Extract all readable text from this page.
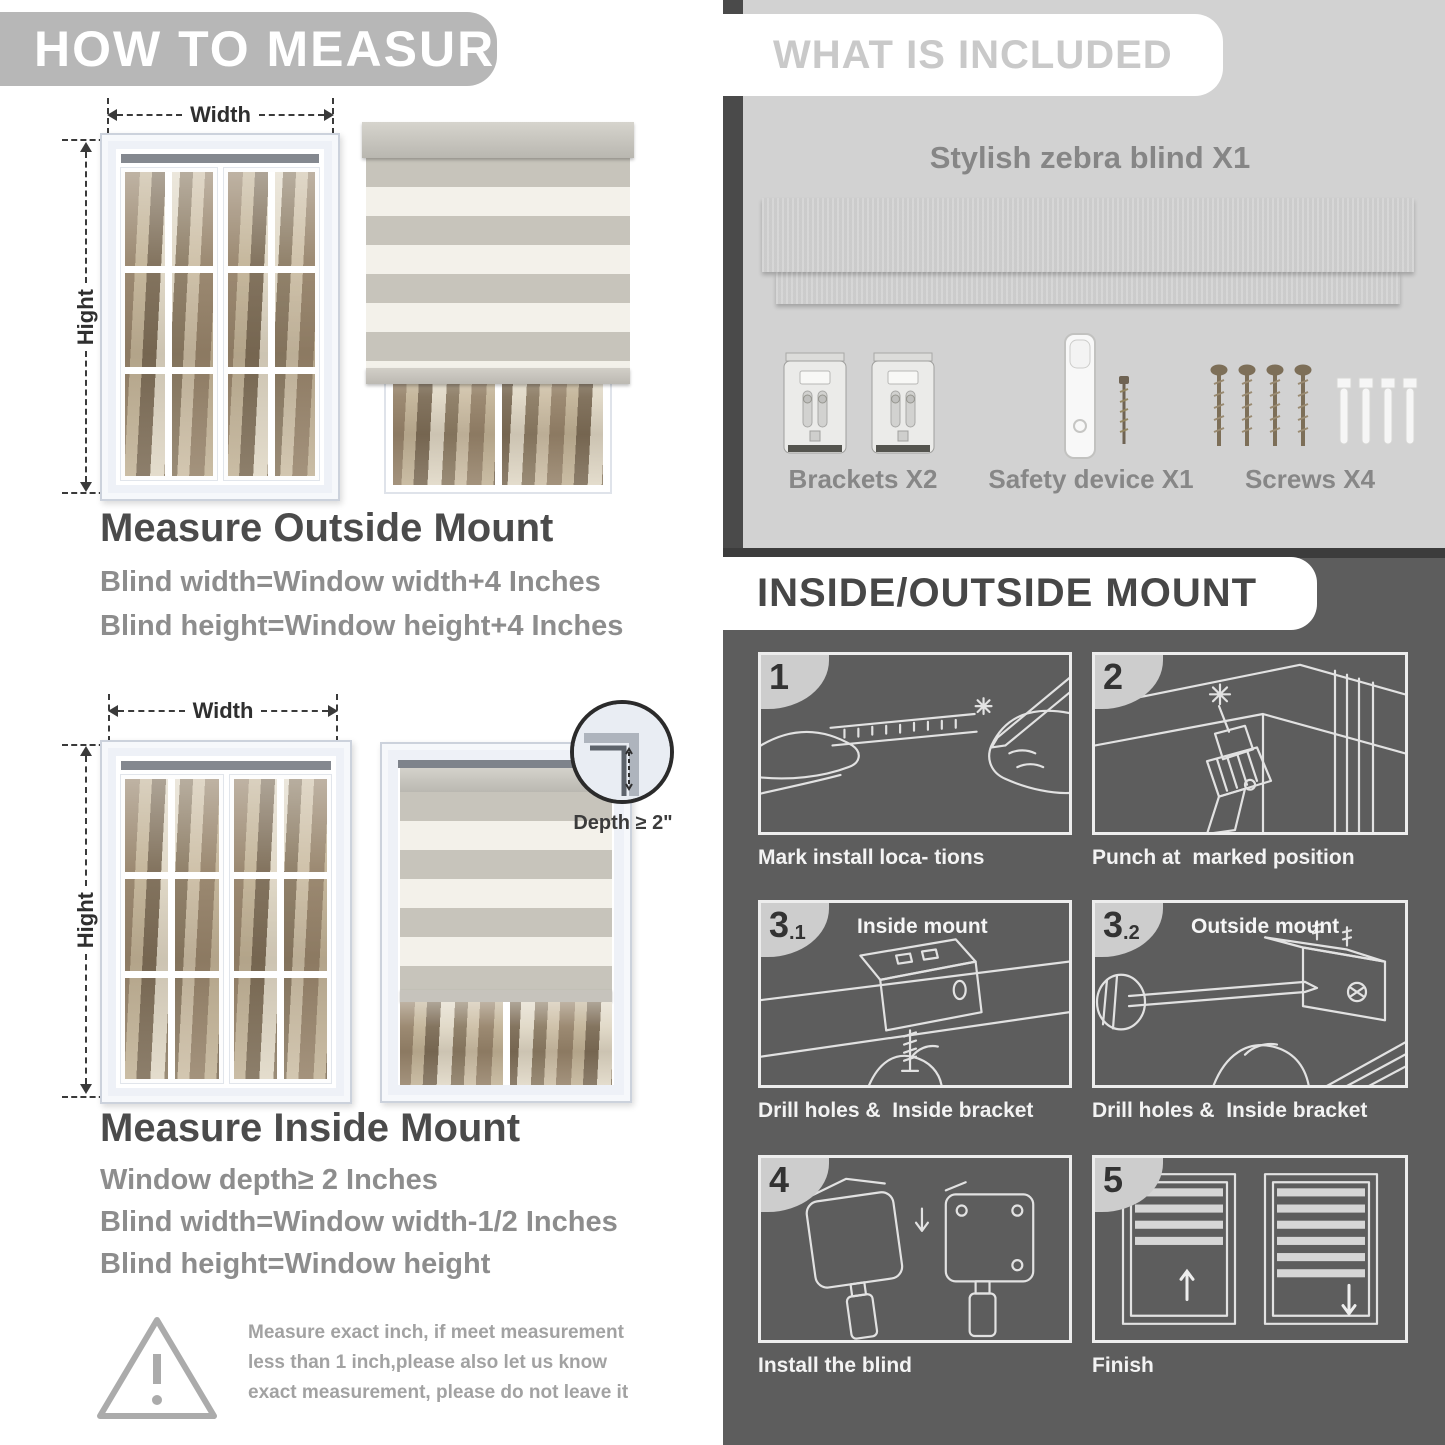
HOW TO MEASURE
Width
Hight
Measure Outside Mount
Blind width=Window width+4 Inches
Blind height=Window height+4 Inches
Width
Hight
Depth ≥ 2"
Measure Inside Mount
Window depth≥ 2 Inches
Blind width=Window width-1/2 Inches
Blind height=Window height
Measure exact inch, if meet measurement less than 1 inch,please also let us know exact measurement, please do not leave it
WHAT IS INCLUDED
Stylish zebra blind X1
Brackets X2	Safety device X1	Screws X4
INSIDE/OUTSIDE MOUNT
1
Mark install loca- tions
2
Punch at  marked position
3 .1 Inside mount
Drill holes &  Inside bracket
3 .2 Outside mount
Drill holes &  Inside bracket
4
Install the blind
5
Finish
